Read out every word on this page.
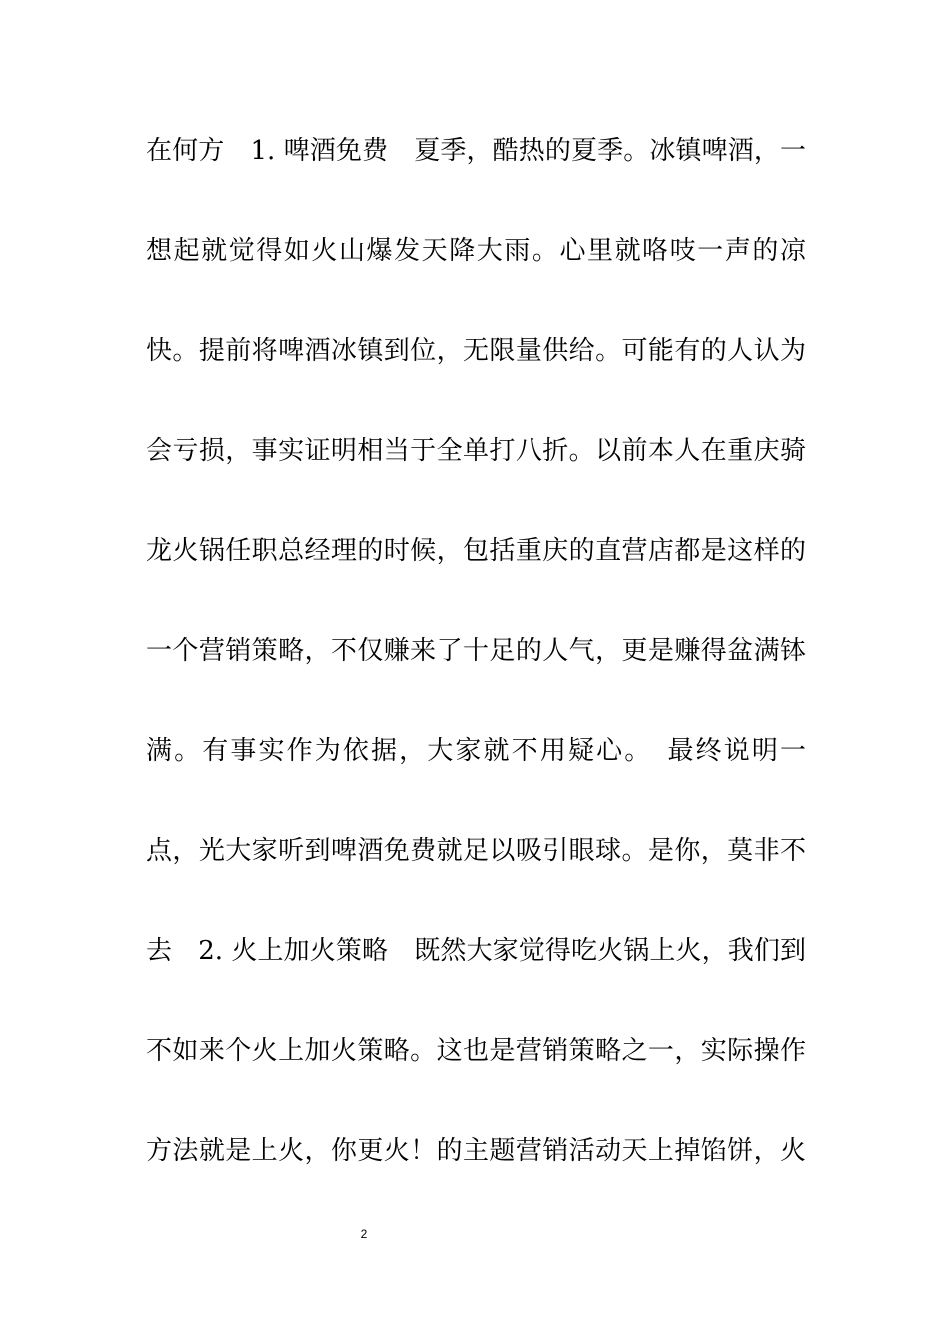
在何方　1. 啤酒免费　夏季，酷热的夏季。冰镇啤酒，一
想起就觉得如火山爆发天降大雨。心里就咯吱一声的凉
快。提前将啤酒冰镇到位，无限量供给。可能有的人认为
会亏损，事实证明相当于全单打八折。以前本人在重庆骑
龙火锅任职总经理的时候，包括重庆的直营店都是这样的
一个营销策略，不仅赚来了十足的人气，更是赚得盆满钵
满。有事实作为依据，大家就不用疑心。　最终说明一
点，光大家听到啤酒免费就足以吸引眼球。是你，莫非不
去　2. 火上加火策略　既然大家觉得吃火锅上火，我们到
不如来个火上加火策略。这也是营销策略之一，实际操作
方法就是上火，你更火！的主题营销活动天上掉馅饼，火
2
